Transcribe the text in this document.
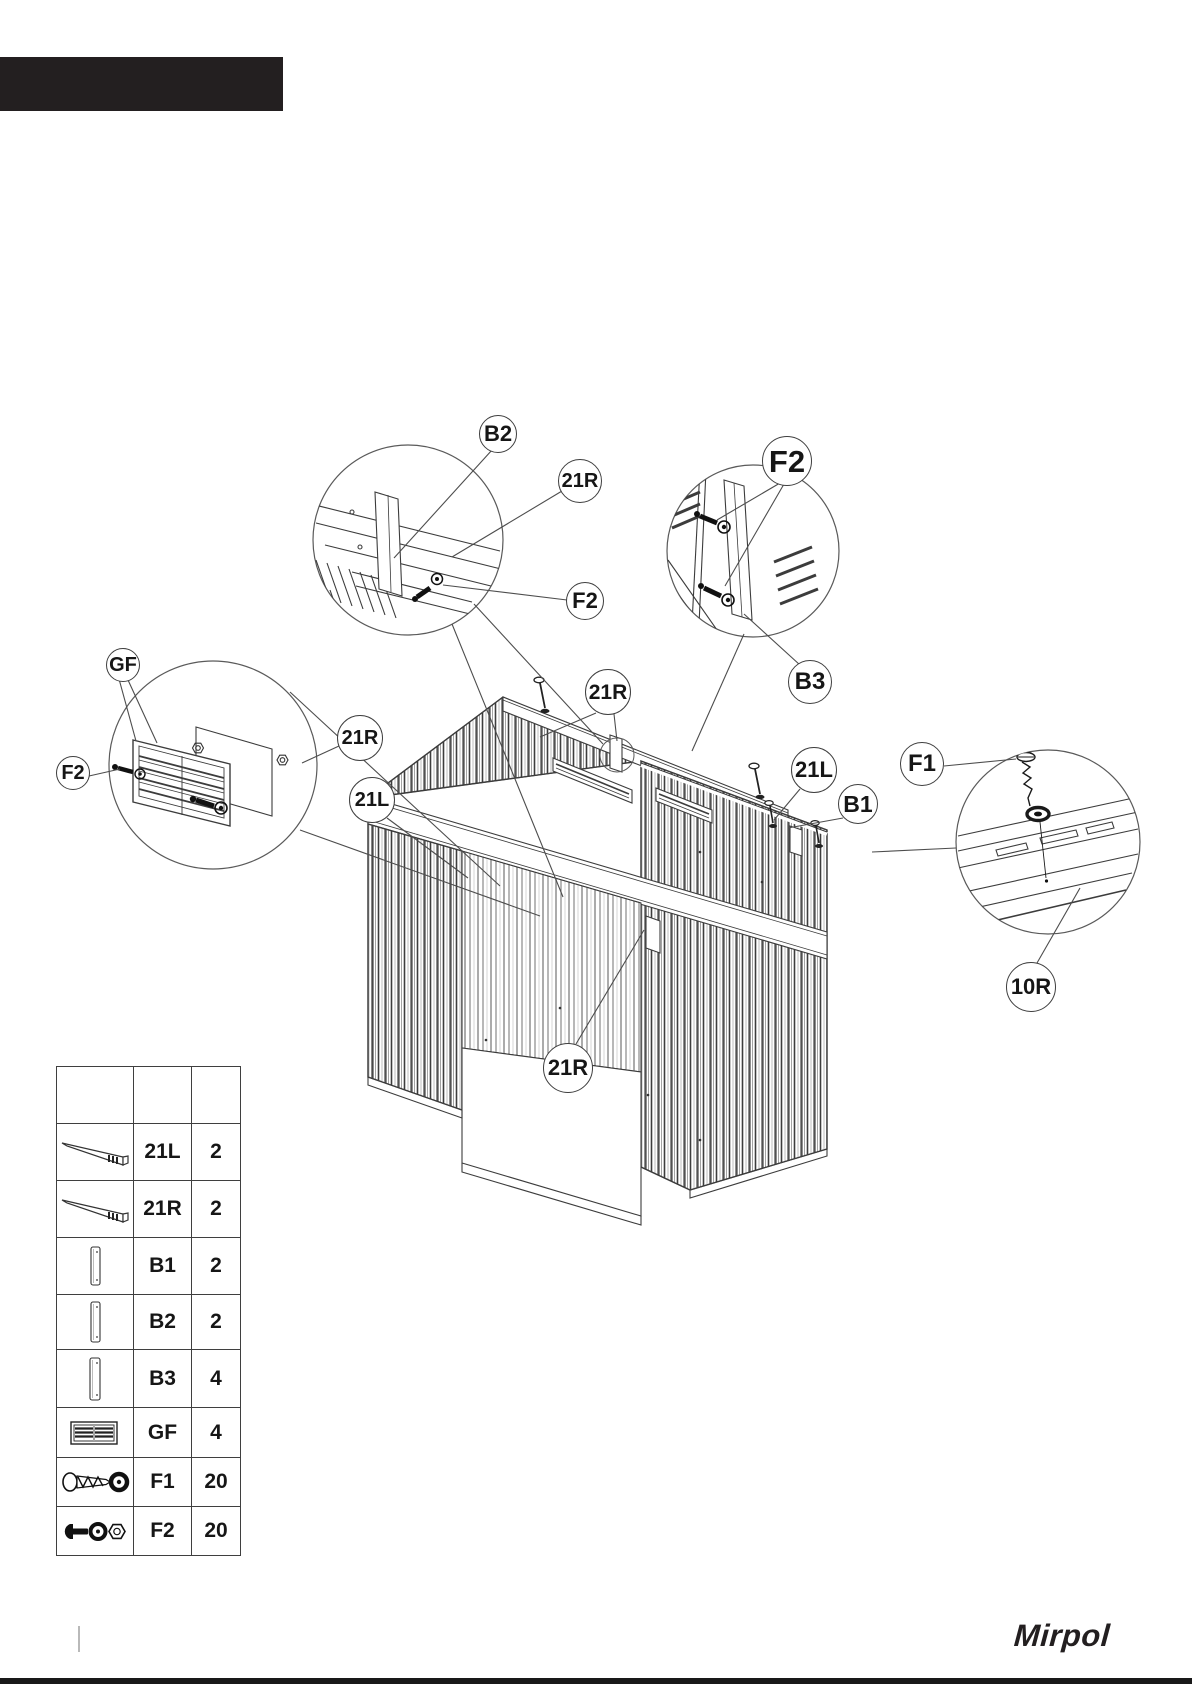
B2
21R
F2
F2
B3
21R
GF
F2
21R
21L
21L
B1
F1
10R
21R

	21L	2

	21R	2

	B1	2

	B2	2

	B3	4

	GF	4

	F1	20

	F2	20
Mirpol
